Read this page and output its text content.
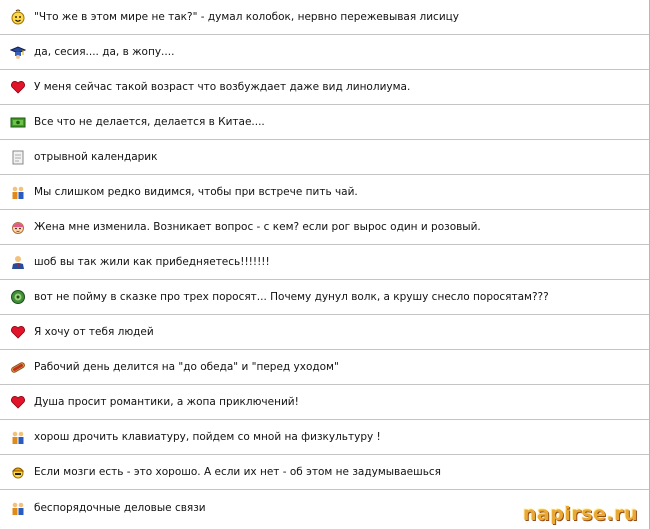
"Что же в этом мире не так?" - думал колобок, нервно пережевывая лисицу
да, сесия.... да, в жопу....
У меня сейчас такой возраст что возбуждает даже вид линолиума.
Все что не делается, делается в Китае....
отрывной календарик
Мы слишком редко видимся, чтобы при встрече пить чай.
Жена мне изменила. Возникает вопрос - с кем? если рог вырос один и розовый.
шоб вы так жили как прибедняетесь!!!!!!!
вот не пойму в сказке про трех поросят... Почему дунул волк, а крушу снесло поросятам???
Я хочу от тебя людей
Рабочий день делится на "до обеда" и "перед уходом"
Душа просит романтики, а жопа приключений!
хорош дрочить клавиатуру, пойдем со мной на физкультуру !
Если мозги есть - это хорошо. А если их нет - об этом не задумываешься
беспорядочные деловые связи	napirse.ru
